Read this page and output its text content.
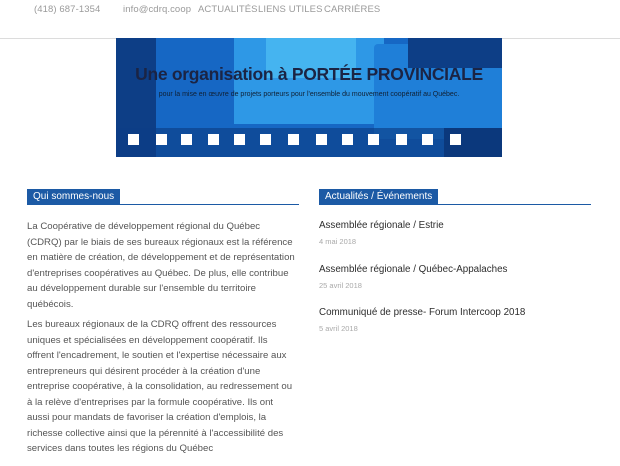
(418) 687-1354 info@cdrq.coop ACTUALITÉS LIENS UTILES CARRIÈRES
Une organisation à PORTÉE PROVINCIALE
pour la mise en œuvre de projets porteurs pour l'ensemble du mouvement coopératif au Québec.
Qui sommes-nous

La Coopérative de développement régional du Québec (CDRQ) par le biais de ses bureaux régionaux est la référence en matière de création, de développement et de représentation d'entreprises coopératives au Québec. De plus, elle contribue au développement durable sur l'ensemble du territoire québécois.

Les bureaux régionaux de la CDRQ offrent des ressources uniques et spécialisées en développement coopératif. Ils offrent l'encadrement, le soutien et l'expertise nécessaire aux entrepreneurs qui désirent procéder à la création d'une entreprise coopérative, à la consolidation, au redressement ou à la relève d'entreprises par la formule coopérative. Ils ont aussi pour mandats de favoriser la création d'emplois, la richesse collective ainsi que la pérennité à l'accessibilité des services dans toutes les régions du Québec

Actualités / Événements
Assemblée régionale / Estrie
4 mai 2018
Assemblée régionale / Québec-Appalaches
25 avril 2018
Communiqué de presse- Forum Intercoop 2018
5 avril 2018
